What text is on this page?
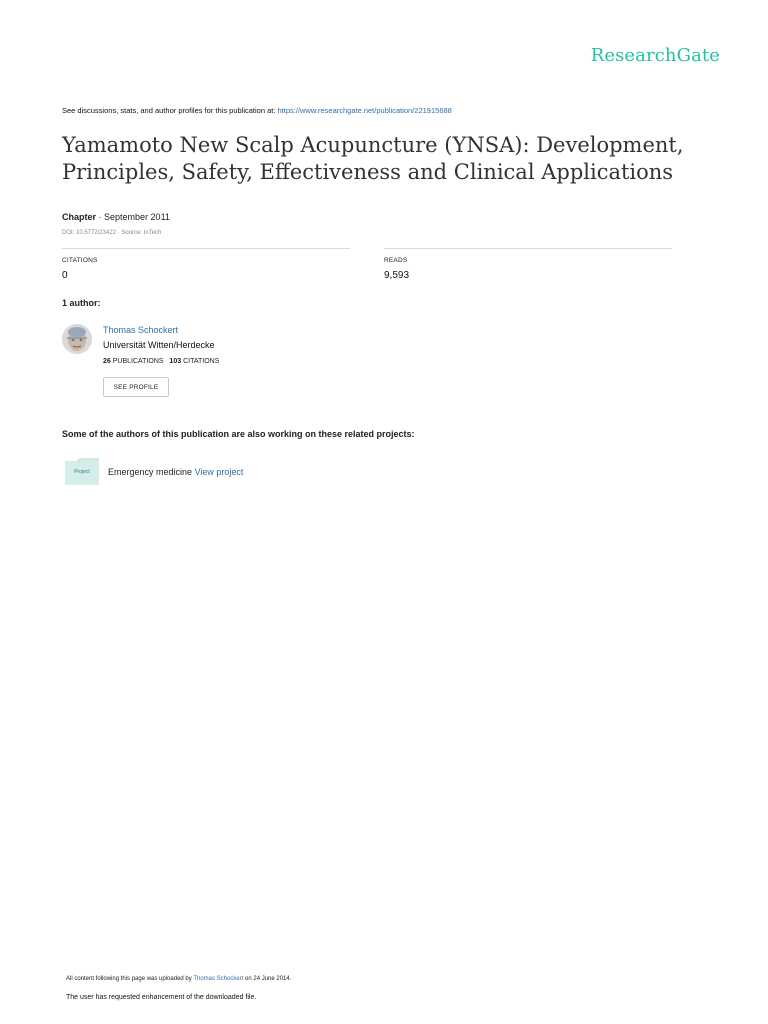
ResearchGate
See discussions, stats, and author profiles for this publication at: https://www.researchgate.net/publication/221915688
Yamamoto New Scalp Acupuncture (YNSA): Development, Principles, Safety, Effectiveness and Clinical Applications
Chapter · September 2011
DOI: 10.5772/23422 · Source: InTech
CITATIONS
0
READS
9,593
1 author:
Thomas Schockert
Universität Witten/Herdecke
26 PUBLICATIONS 103 CITATIONS
SEE PROFILE
Some of the authors of this publication are also working on these related projects:
Project	Emergency medicine View project
All content following this page was uploaded by Thomas Schockert on 24 June 2014.
The user has requested enhancement of the downloaded file.
